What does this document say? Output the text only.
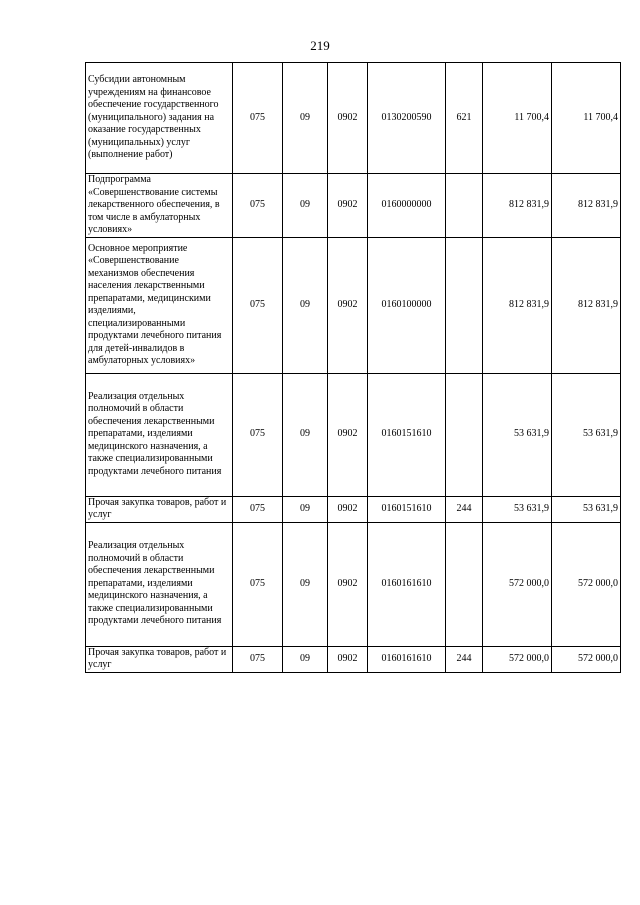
219
Субсидии автономным учреждениям на финансовое обеспечение государственного (муниципального) задания на оказание государственных (муниципальных) услуг (выполнение работ)	075	09	0902	0130200590	621	11 700,4	11 700,4
Подпрограмма «Совершенствование системы лекарственного обеспечения, в том числе в амбулаторных условиях»	075	09	0902	0160000000		812 831,9	812 831,9
Основное мероприятие «Совершенствование механизмов обеспечения населения лекарственными препаратами, медицинскими изделиями, специализированными продуктами лечебного питания для детей-инвалидов в амбулаторных условиях»	075	09	0902	0160100000		812 831,9	812 831,9
Реализация отдельных полномочий в области обеспечения лекарственными препаратами, изделиями медицинского назначения, а также специализированными продуктами лечебного питания	075	09	0902	0160151610		53 631,9	53 631,9
Прочая закупка товаров, работ и услуг	075	09	0902	0160151610	244	53 631,9	53 631,9
Реализация отдельных полномочий в области обеспечения лекарственными препаратами, изделиями медицинского назначения, а также специализированными продуктами лечебного питания	075	09	0902	0160161610		572 000,0	572 000,0
Прочая закупка товаров, работ и услуг	075	09	0902	0160161610	244	572 000,0	572 000,0
